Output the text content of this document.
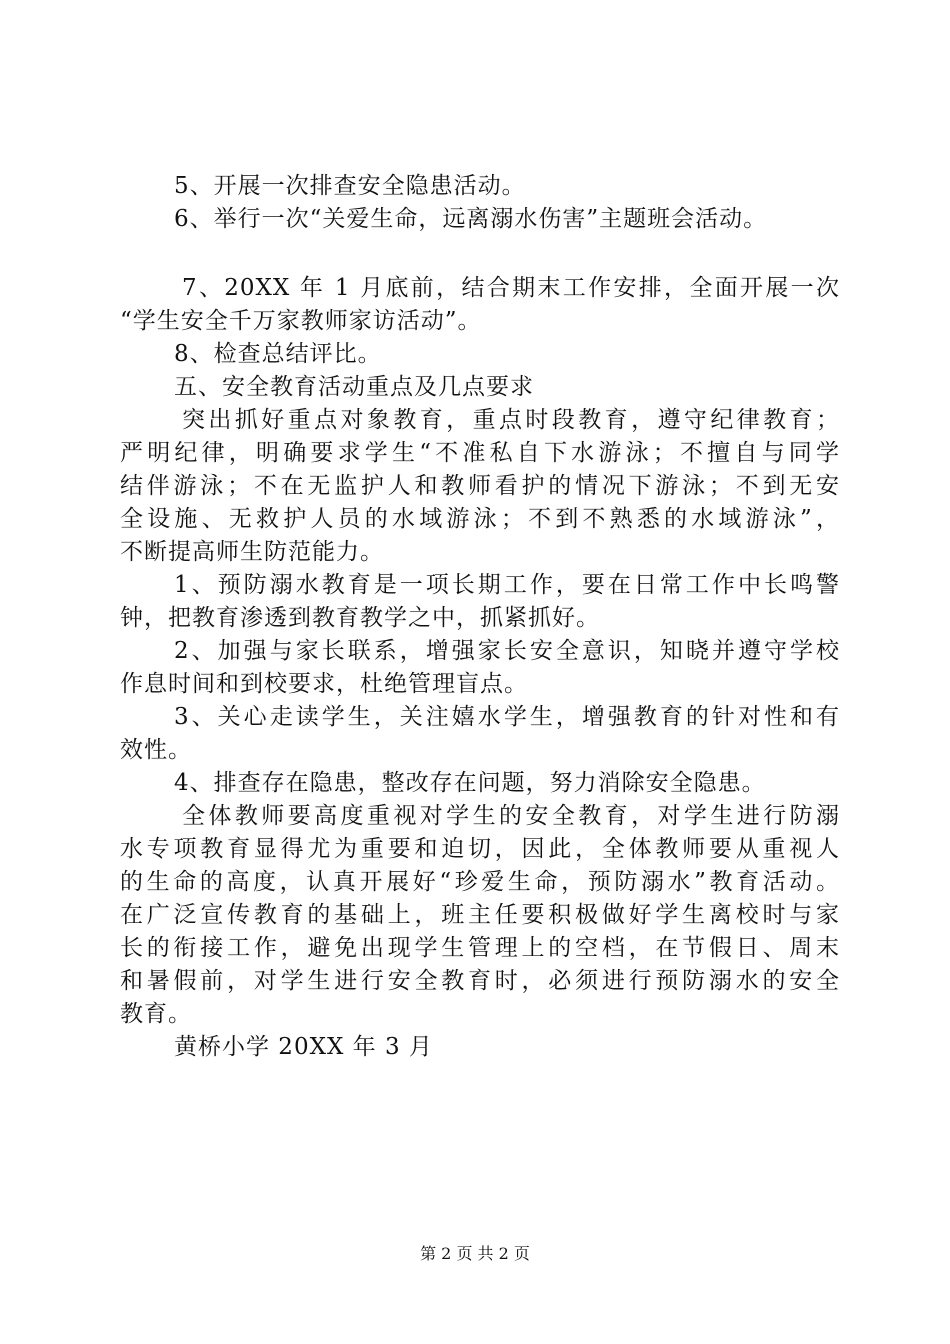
5、开展一次排查安全隐患活动。
6、举行一次“关爱生命，远离溺水伤害”主题班会活动。
7、20XX 年 1 月底前，结合期末工作安排，全面开展一次
“学生安全千万家教师家访活动”。
8、检查总结评比。
五、安全教育活动重点及几点要求
突出抓好重点对象教育，重点时段教育，遵守纪律教育；
严明纪律，明确要求学生“不准私自下水游泳；不擅自与同学
结伴游泳；不在无监护人和教师看护的情况下游泳；不到无安
全设施、无救护人员的水域游泳；不到不熟悉的水域游泳”，
不断提高师生防范能力。
1、预防溺水教育是一项长期工作，要在日常工作中长鸣警
钟，把教育渗透到教育教学之中，抓紧抓好。
2、加强与家长联系，增强家长安全意识，知晓并遵守学校
作息时间和到校要求，杜绝管理盲点。
3、关心走读学生，关注嬉水学生，增强教育的针对性和有
效性。
4、排查存在隐患，整改存在问题，努力消除安全隐患。
全体教师要高度重视对学生的安全教育，对学生进行防溺
水专项教育显得尤为重要和迫切，因此，全体教师要从重视人
的生命的高度，认真开展好“珍爱生命，预防溺水”教育活动。
在广泛宣传教育的基础上，班主任要积极做好学生离校时与家
长的衔接工作，避免出现学生管理上的空档，在节假日、周末
和暑假前，对学生进行安全教育时，必须进行预防溺水的安全
教育。
黄桥小学 20XX 年 3 月
第 2 页 共 2 页
